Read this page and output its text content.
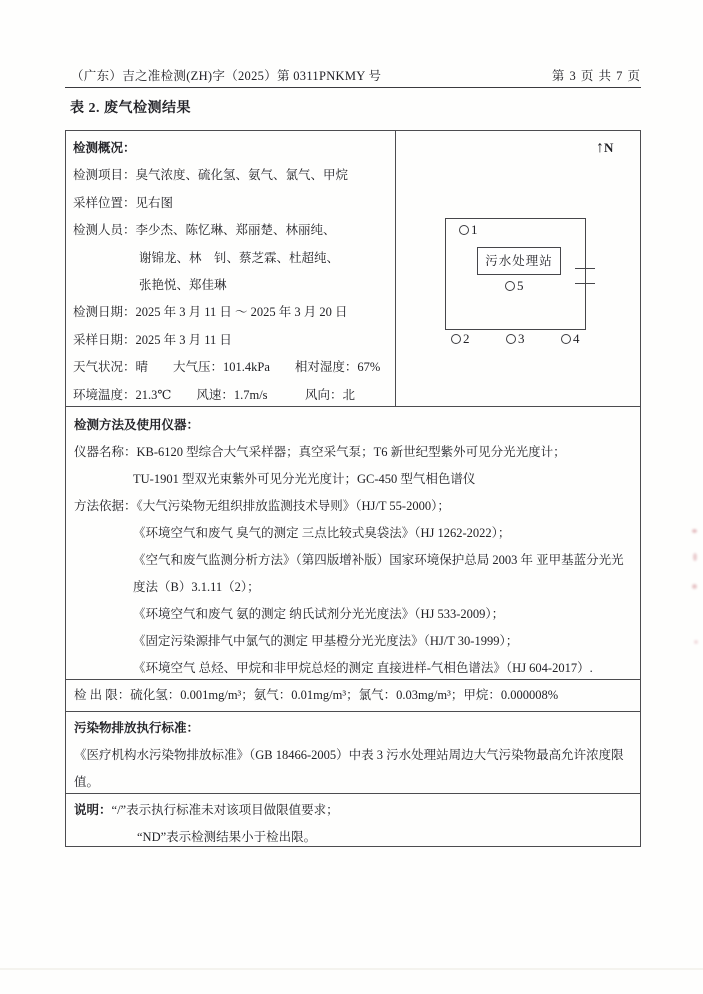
（广东）吉之准检测(ZH)字（2025）第 0311PNKMY 号	第 3 页 共 7 页
表 2. 废气检测结果
检测概况：
检测项目：臭气浓度、硫化氢、氨气、氯气、甲烷
采样位置：见右图
检测人员：李少杰、陈忆琳、郑丽楚、林丽纯、
谢锦龙、林　钊、蔡芝霖、杜超纯、
张艳悦、郑佳琳
检测日期：2025 年 3 月 11 日 ～ 2025 年 3 月 20 日
采样日期：2025 年 3 月 11 日
天气状况：晴　　大气压：101.4kPa　　相对湿度：67%
环境温度：21.3℃　　风速：1.7m/s　　　风向：北
↑N
1
污水处理站
5
2	3	4
检测方法及使用仪器：
仪器名称：KB-6120 型综合大气采样器；真空采气泵；T6 新世纪型紫外可见分光光度计；
TU-1901 型双光束紫外可见分光光度计；GC-450 型气相色谱仪
方法依据：《大气污染物无组织排放监测技术导则》（HJ/T 55-2000）；
《环境空气和废气 臭气的测定 三点比较式臭袋法》（HJ 1262-2022）；
《空气和废气监测分析方法》（第四版增补版）国家环境保护总局 2003 年 亚甲基蓝分光光
度法（B）3.1.11（2）；
《环境空气和废气 氨的测定 纳氏试剂分光光度法》（HJ 533-2009）；
《固定污染源排气中氯气的测定 甲基橙分光光度法》（HJ/T 30-1999）；
《环境空气 总烃、甲烷和非甲烷总烃的测定 直接进样-气相色谱法》（HJ 604-2017）.
检 出 限：硫化氢：0.001mg/m³；氨气：0.01mg/m³；氯气：0.03mg/m³；甲烷：0.000008%
污染物排放执行标准：
《医疗机构水污染物排放标准》（GB 18466-2005）中表 3 污水处理站周边大气污染物最高允许浓度限值。
说明：“/”表示执行标准未对该项目做限值要求；
“ND”表示检测结果小于检出限。
